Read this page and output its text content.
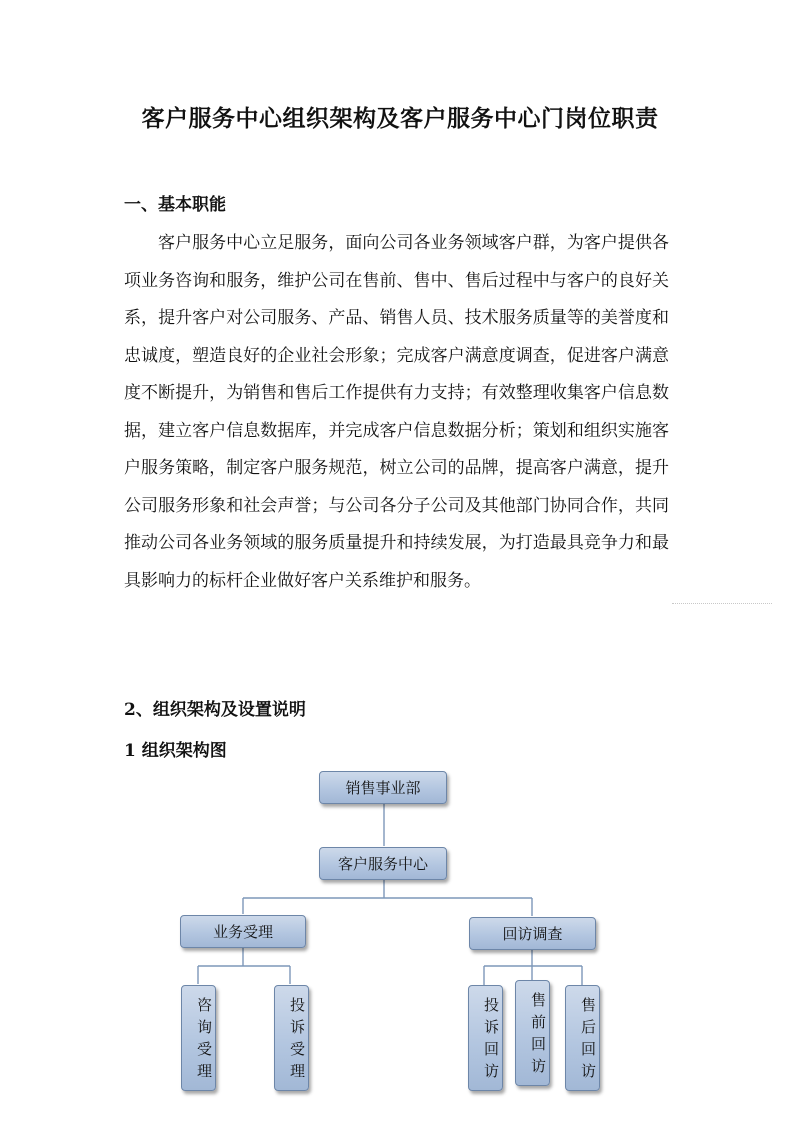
客户服务中心组织架构及客户服务中心门岗位职责
一、基本职能
客户服务中心立足服务，面向公司各业务领域客户群，为客户提供各项业务咨询和服务，维护公司在售前、售中、售后过程中与客户的良好关系，提升客户对公司服务、产品、销售人员、技术服务质量等的美誉度和忠诚度，塑造良好的企业社会形象；完成客户满意度调查，促进客户满意度不断提升，为销售和售后工作提供有力支持；有效整理收集客户信息数据，建立客户信息数据库，并完成客户信息数据分析；策划和组织实施客户服务策略，制定客户服务规范，树立公司的品牌，提高客户满意，提升公司服务形象和社会声誉；与公司各分子公司及其他部门协同合作，共同推动公司各业务领域的服务质量提升和持续发展，为打造最具竞争力和最具影响力的标杆企业做好客户关系维护和服务。
2、组织架构及设置说明
1 组织架构图
销售事业部
客户服务中心
业务受理	回访调查
咨询受理	投诉受理	投诉回访	售前回访	售后回访
